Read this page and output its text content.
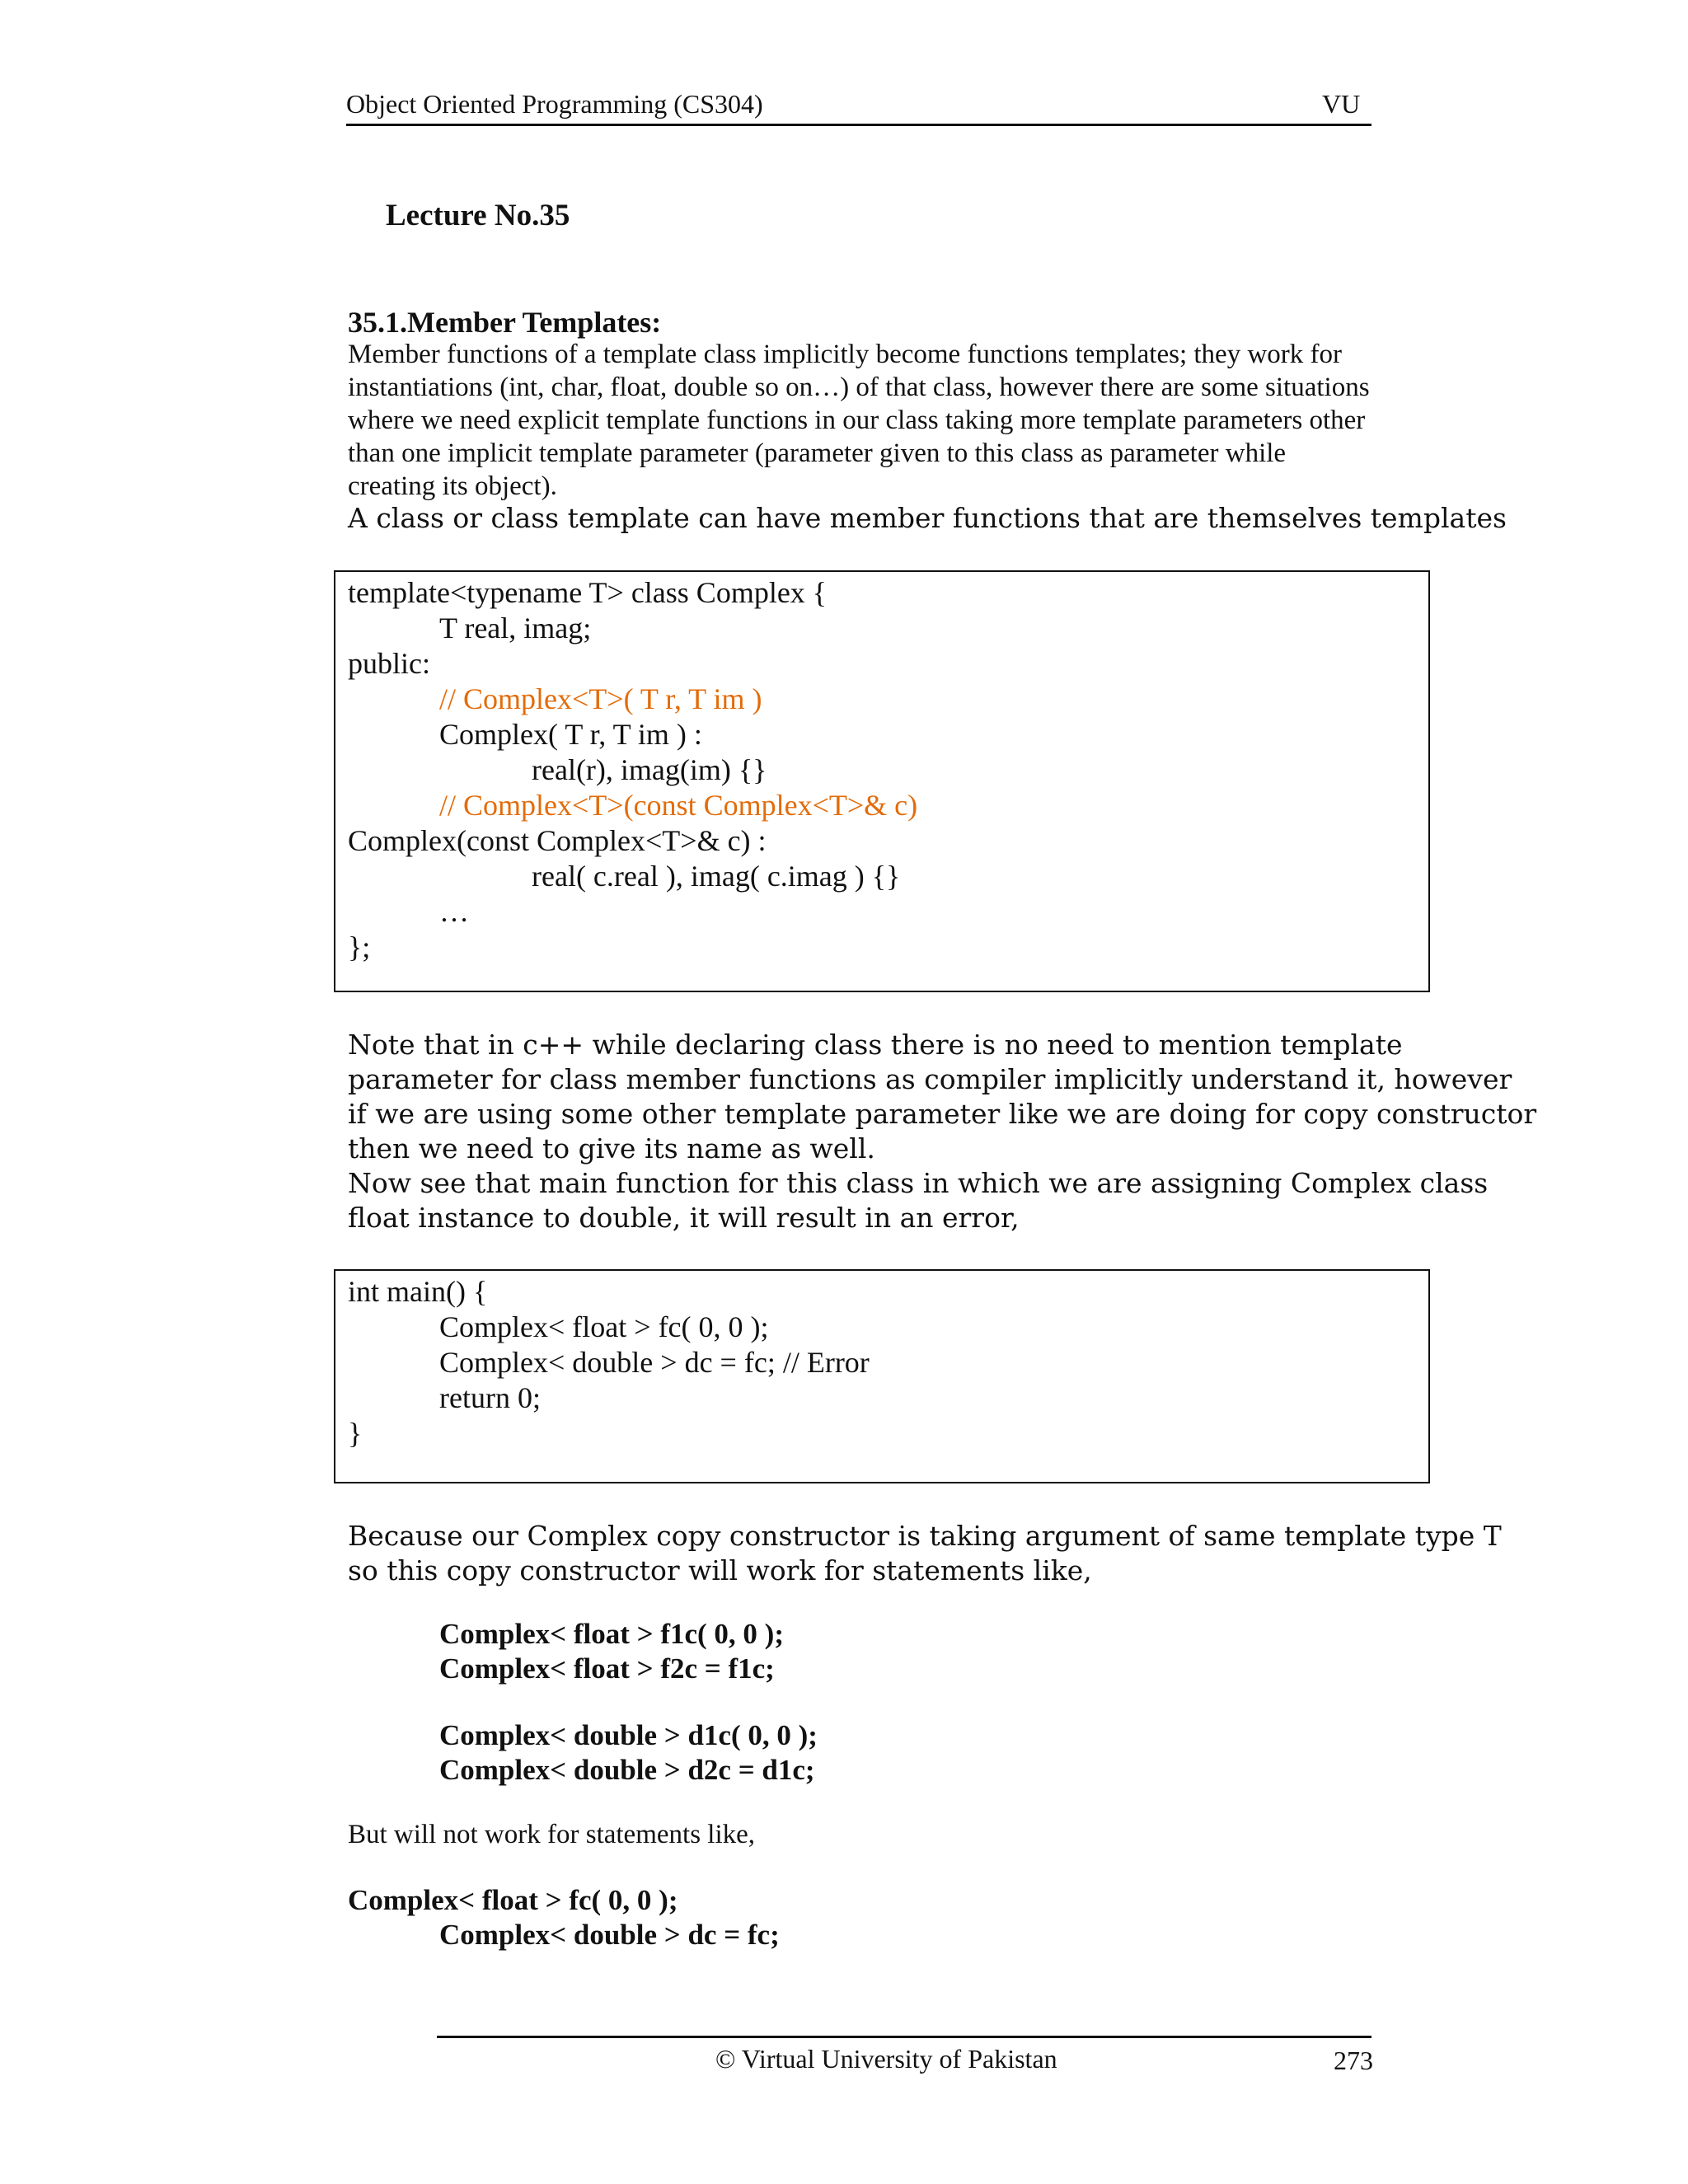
Object Oriented Programming (CS304)	VU
Lecture No.35
35.1.Member Templates:
Member functions of a template class implicitly become functions templates; they work for
instantiations (int, char, float, double so on…) of that class, however there are some situations
where we need explicit template functions in our class taking more template parameters other
than one implicit template parameter (parameter given to this class as parameter while
creating its object).
A class or class template can have member functions that are themselves templates
template<typename T> class Complex {
T real, imag;
public:
// Complex<T>( T r, T im )
Complex( T r, T im ) :
real(r), imag(im) {}
// Complex<T>(const Complex<T>& c)
Complex(const Complex<T>& c) :
real( c.real ), imag( c.imag ) {}
…
};
Note that in c++ while declaring class there is no need to mention template
parameter for class member functions as compiler implicitly understand it, however
if we are using some other template parameter like we are doing for copy constructor
then we need to give its name as well.
Now see that main function for this class in which we are assigning Complex class
float instance to double, it will result in an error,
int main() {
Complex< float > fc( 0, 0 );
Complex< double > dc = fc; // Error
return 0;
}
Because our Complex copy constructor is taking argument of same template type T
so this copy constructor will work for statements like,
Complex< float > f1c( 0, 0 );
Complex< float > f2c = f1c;
Complex< double > d1c( 0, 0 );
Complex< double > d2c = d1c;
But will not work for statements like,
Complex< float > fc( 0, 0 );
Complex< double > dc = fc;
© Virtual University of Pakistan	273
